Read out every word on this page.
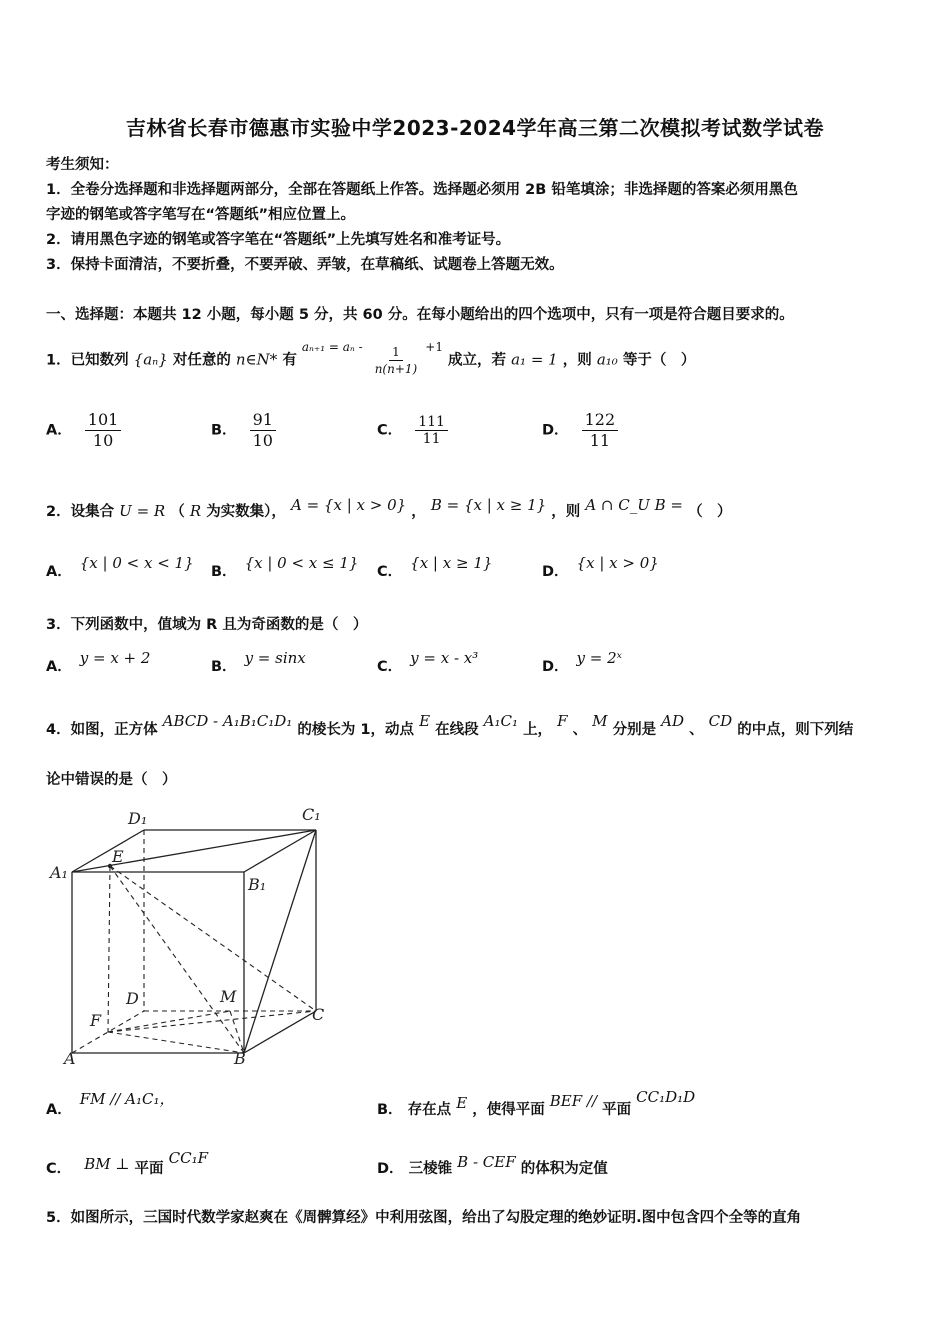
吉林省长春市德惠市实验中学2023-2024学年高三第二次模拟考试数学试卷
考生须知：
1．全卷分选择题和非选择题两部分，全部在答题纸上作答。选择题必须用 2B 铅笔填涂；非选择题的答案必须用黑色
字迹的钢笔或答字笔写在“答题纸”相应位置上。
2．请用黑色字迹的钢笔或答字笔在“答题纸”上先填写姓名和准考证号。
3．保持卡面清洁，不要折叠，不要弄破、弄皱，在草稿纸、试题卷上答题无效。
一、选择题：本题共 12 小题，每小题 5 分，共 60 分。在每小题给出的四个选项中，只有一项是符合题目要求的。
1．已知数列 {aₙ} 对任意的 n∈N* 有 $^{a_{n+1} = a_n -} \frac{1}{n(n+1)} ^{+1}$ 成立，若 a₁ = 1 ，则 a₁₀ 等于（　）
A． $\frac{101}{10}$	B． $\frac{91}{10}$	C． $\frac{111}{11}$	D． $\frac{122}{11}$
2．设集合 U = R （ R 为实数集）， A = {x | x > 0} ， B = {x | x ≥ 1} ，则 A ∩ C_U B = （　）
A． {x | 0 < x < 1} B． {x | 0 < x ≤ 1} C． {x | x ≥ 1}	D． {x | x > 0}
3．下列函数中，值域为 R 且为奇函数的是（　）
A． y = x + 2	B． y = sinx	C． y = x - x³	D． y = 2ˣ
4．如图，正方体 ABCD - A₁B₁C₁D₁ 的棱长为 1，动点 E 在线段 A₁C₁ 上， F 、 M 分别是 AD 、 CD 的中点，则下列结
论中错误的是（　）
D₁	C₁
A₁
E
B₁
D	M
F	C
A	B
A．FM // A₁C₁，
B． 存在点 E ，使得平面 BEF // 平面 CC₁D₁D
C． BM ⊥ 平面 CC₁F
D． 三棱锥 B - CEF 的体积为定值
5．如图所示，三国时代数学家赵爽在《周髀算经》中利用弦图，给出了勾股定理的绝妙证明.图中包含四个全等的直角
